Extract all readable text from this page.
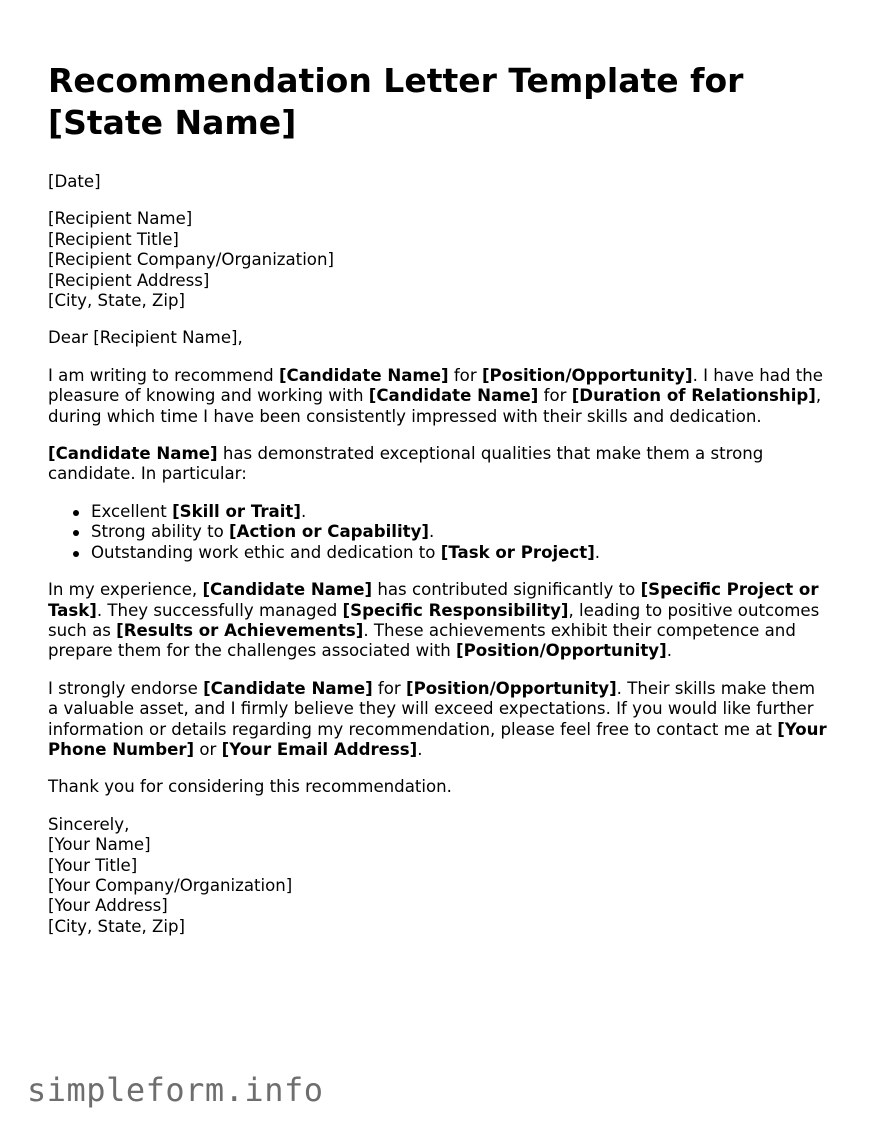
Recommendation Letter Template for [State Name]

[Date]

[Recipient Name]
[Recipient Title]
[Recipient Company/Organization]
[Recipient Address]
[City, State, Zip]

Dear [Recipient Name],

I am writing to recommend [Candidate Name] for [Position/Opportunity]. I have had the pleasure of knowing and working with [Candidate Name] for [Duration of Relationship], during which time I have been consistently impressed with their skills and dedication.

[Candidate Name] has demonstrated exceptional qualities that make them a strong candidate. In particular:

Excellent [Skill or Trait].
Strong ability to [Action or Capability].
Outstanding work ethic and dedication to [Task or Project].

In my experience, [Candidate Name] has contributed significantly to [Specific Project or Task]. They successfully managed [Specific Responsibility], leading to positive outcomes such as [Results or Achievements]. These achievements exhibit their competence and prepare them for the challenges associated with [Position/Opportunity].

I strongly endorse [Candidate Name] for [Position/Opportunity]. Their skills make them a valuable asset, and I firmly believe they will exceed expectations. If you would like further information or details regarding my recommendation, please feel free to contact me at [Your Phone Number] or [Your Email Address].

Thank you for considering this recommendation.

Sincerely,
[Your Name]
[Your Title]
[Your Company/Organization]
[Your Address]
[City, State, Zip]

simpleform.info
